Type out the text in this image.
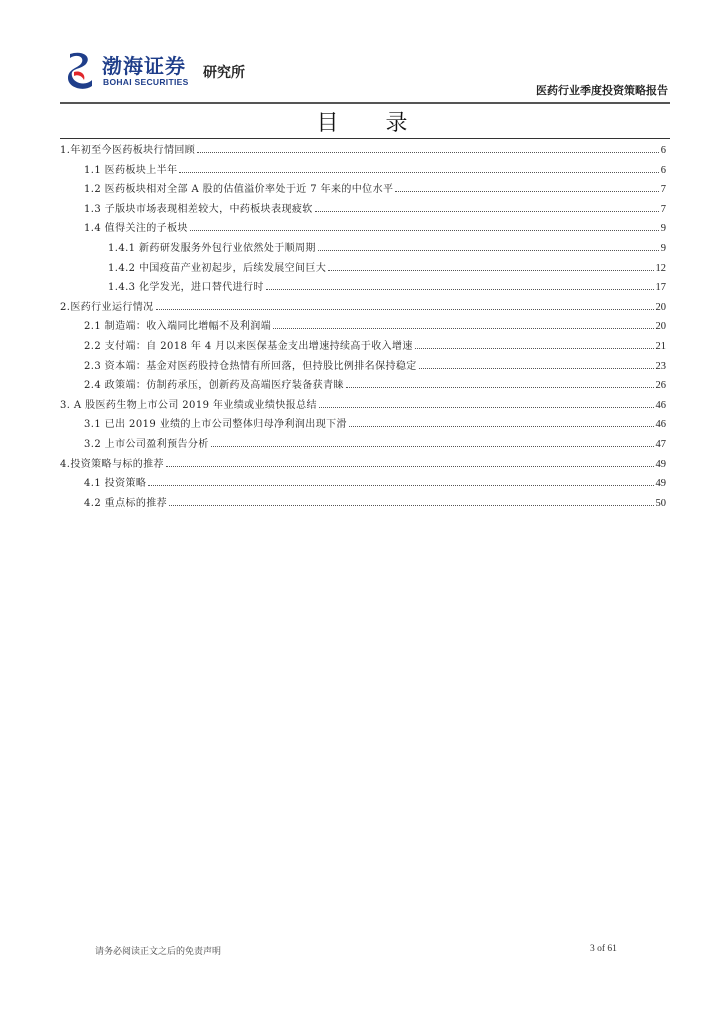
渤海证券
BOHAI SECURITIES
研究所
医药行业季度投资策略报告
目 录
1.年初至今医药板块行情回顾	6
1.1 医药板块上半年	6
1.2 医药板块相对全部 A 股的估值溢价率处于近 7 年来的中位水平	7
1.3 子版块市场表现相差较大，中药板块表现疲软	7
1.4 值得关注的子板块	9
1.4.1 新药研发服务外包行业依然处于顺周期	9
1.4.2 中国疫苗产业初起步，后续发展空间巨大	12
1.4.3 化学发光，进口替代进行时	17
2.医药行业运行情况	20
2.1 制造端：收入端同比增幅不及利润端	20
2.2 支付端：自 2018 年 4 月以来医保基金支出增速持续高于收入增速	21
2.3 资本端：基金对医药股持仓热情有所回落，但持股比例排名保持稳定	23
2.4 政策端：仿制药承压，创新药及高端医疗装备获青睐	26
3. A 股医药生物上市公司 2019 年业绩或业绩快报总结	46
3.1 已出 2019 业绩的上市公司整体归母净利润出现下滑	46
3.2 上市公司盈利预告分析	47
4.投资策略与标的推荐	49
4.1 投资策略	49
4.2 重点标的推荐	50
请务必阅读正文之后的免责声明	3 of 61
